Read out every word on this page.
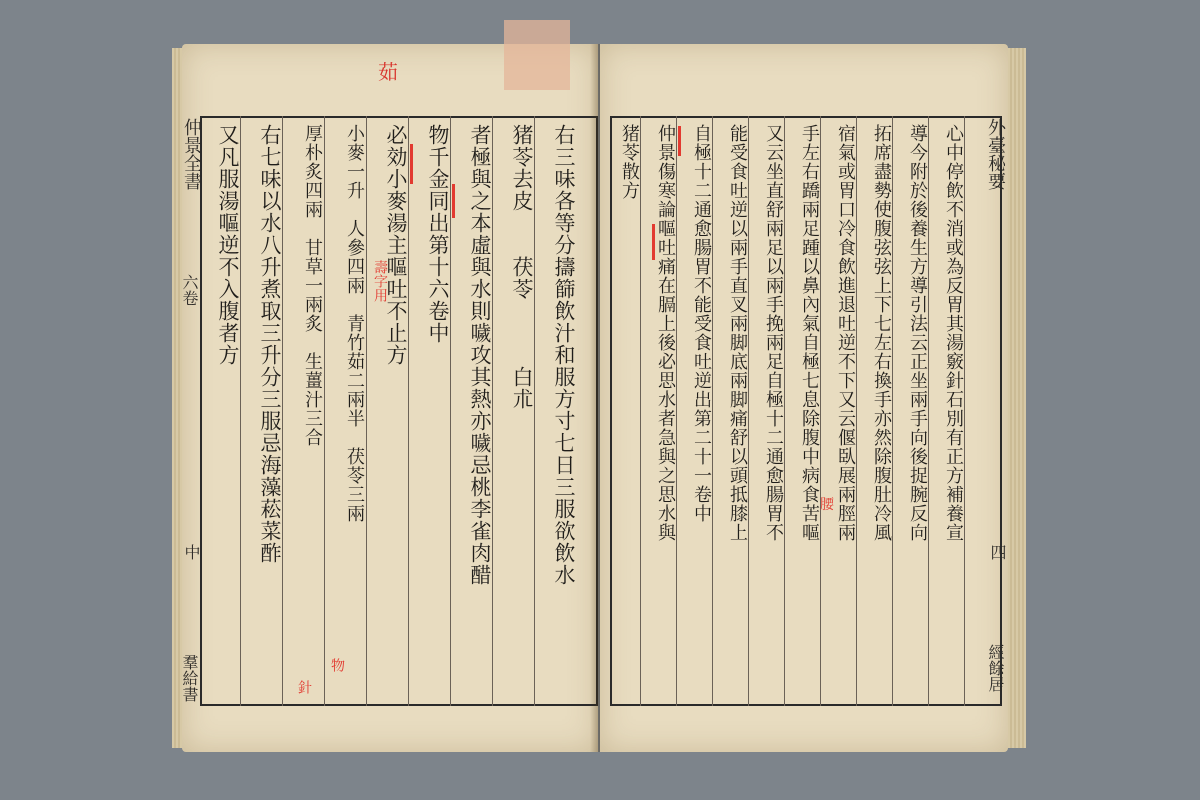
茹
仲景全書
六卷
中
羣給書
右三味各等分擣篩飲汁和服方寸七日三服欲飲水
猪苓去皮　　茯苓　　　白朮
者極與之本虛與水則噦攻其熱亦噦忌桃李雀肉醋
物千金同出第十六卷中
必効小麥湯主嘔吐不止方
小麥一升　人參四兩　青竹茹二兩半　茯苓三兩
厚朴炙四兩　甘草一兩炙　生薑汁三合
右七味以水八升煮取三升分三服忌海藻菘菜酢
又凡服湯嘔逆不入腹者方	壽字用
物
針
外臺秘要
四
經餘居
心中停飲不消或為反胃其湯竅針石別有正方補養宣
導今附於後養生方導引法云正坐兩手向後捉腕反向
拓席盡勢使腹弦弦上下七左右換手亦然除腹肚冷風
宿氣或胃口冷食飲進退吐逆不下又云偃臥展兩脛兩
手左右蹻兩足踵以鼻內氣自極七息除腹中病食苦嘔
又云坐直舒兩足以兩手挽兩足自極十二通愈腸胃不
能受食吐逆以兩手直叉兩脚底兩脚痛舒以頭抵膝上
自極十二通愈腸胃不能受食吐逆出第二十一卷中
仲景傷寒論嘔吐痛在膈上後必思水者急與之思水與
猪苓散方
腰
